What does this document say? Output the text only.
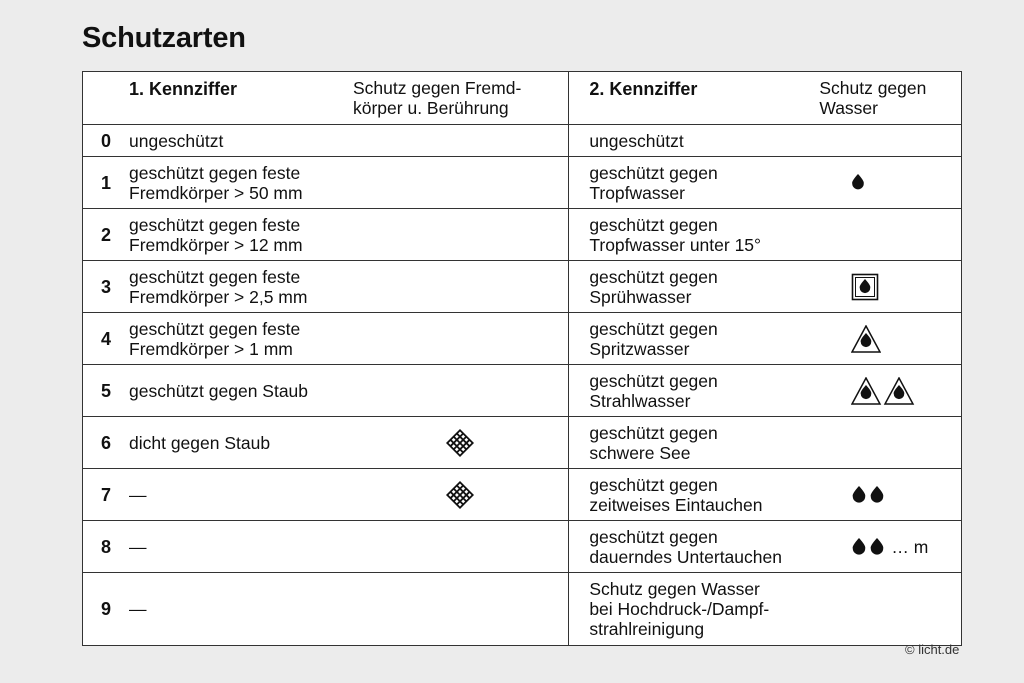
Schutzarten
1. Kennziffer Schutz gegen Fremd-
körper u. Berührung	2. Kennziffer Schutz gegen
Wasser

0 ungeschützt	ungeschützt

1 geschützt gegen feste
Fremdkörper > 50 mm	geschützt gegen
Tropfwasser

2 geschützt gegen feste
Fremdkörper > 12 mm	geschützt gegen
Tropfwasser unter 15°

3 geschützt gegen feste
Fremdkörper > 2,5 mm	geschützt gegen
Sprühwasser

4 geschützt gegen feste
Fremdkörper > 1 mm	geschützt gegen
Spritzwasser

5 geschützt gegen Staub	geschützt gegen
Strahlwasser

6 dicht gegen Staub	geschützt gegen
schwere See

7 —	geschützt gegen
zeitweises Eintauchen

8 —	geschützt gegen
dauerndes Untertauchen … m

9 —	Schutz gegen Wasser
bei Hochdruck-/Dampf-
strahlreinigung
© licht.de
